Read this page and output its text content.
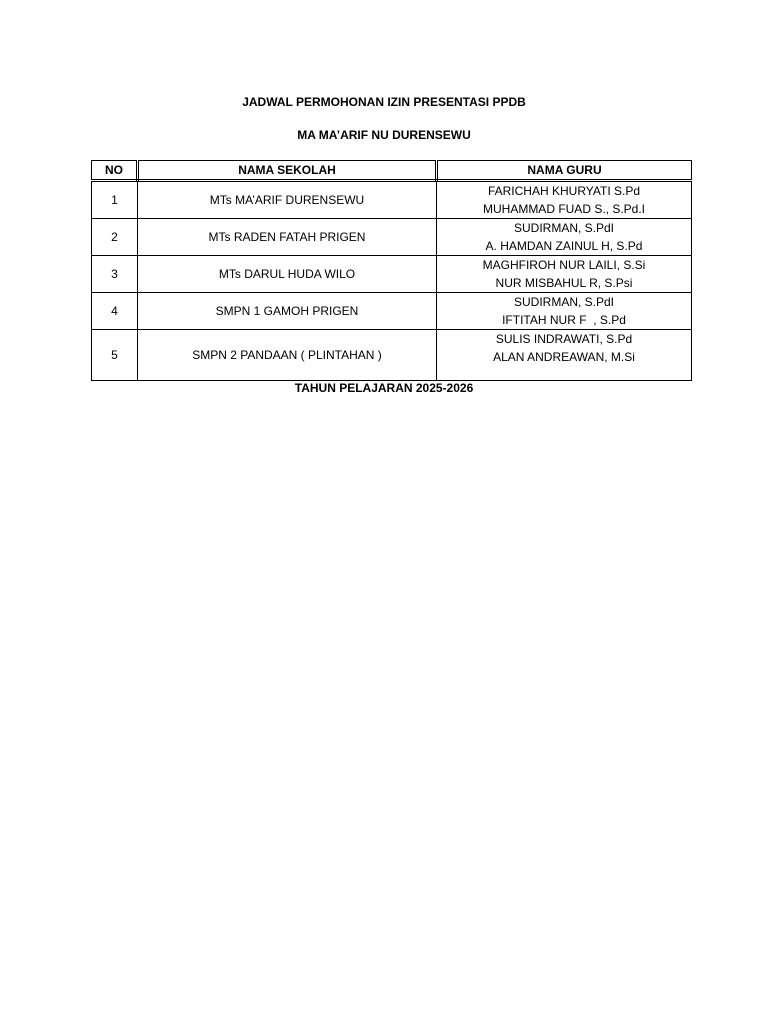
JADWAL PERMOHONAN IZIN PRESENTASI PPDB
MA MA’ARIF NU DURENSEWU
NO	NAMA SEKOLAH	NAMA GURU
1	MTs MA’ARIF DURENSEWU	FARICHAH KHURYATI S.Pd
MUHAMMAD FUAD S., S.Pd.I

2	MTs RADEN FATAH PRIGEN	SUDIRMAN, S.PdI
A. HAMDAN ZAINUL H, S.Pd

3	MTs DARUL HUDA WILO	MAGHFIROH NUR LAILI, S.Si
NUR MISBAHUL R, S.Psi

4	SMPN 1 GAMOH PRIGEN	SUDIRMAN, S.PdI
IFTITAH NUR F  , S.Pd

5	SMPN 2 PANDAAN ( PLINTAHAN )	SULIS INDRAWATI, S.Pd
ALAN ANDREAWAN, M.Si
TAHUN PELAJARAN 2025-2026
